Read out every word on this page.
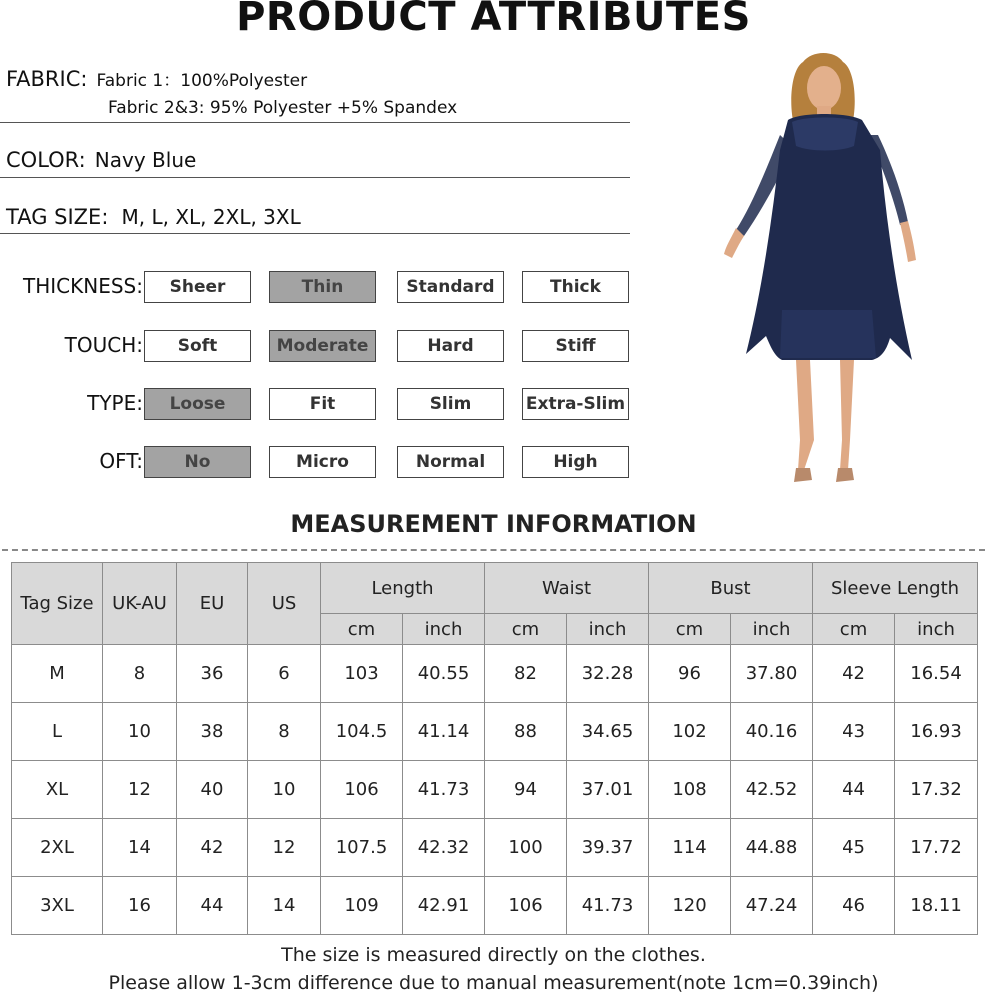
PRODUCT ATTRIBUTES
FABRIC: Fabric 1：100%Polyester
Fabric 2&3: 95% Polyester +5% Spandex
COLOR: Navy Blue
TAG SIZE: M, L, XL, 2XL, 3XL
THICKNESS:	Sheer	Thin	Standard	Thick
TOUCH:	Soft	Moderate	Hard	Stiff
TYPE:	Loose	Fit	Slim	Extra-Slim
OFT:	No	Micro	Normal	High
MEASUREMENT INFORMATION
Tag Size	UK-AU	EU	US	Length		Waist		Bust		Sleeve Length	
				cm	inch	cm	inch	cm	inch	cm	inch
M	8	36	6	103	40.55	82	32.28	96	37.80	42	16.54
L	10	38	8	104.5	41.14	88	34.65	102	40.16	43	16.93
XL	12	40	10	106	41.73	94	37.01	108	42.52	44	17.32
2XL	14	42	12	107.5	42.32	100	39.37	114	44.88	45	17.72
3XL	16	44	14	109	42.91	106	41.73	120	47.24	46	18.11
The size is measured directly on the clothes.
Please allow 1-3cm difference due to manual measurement(note 1cm=0.39inch)
